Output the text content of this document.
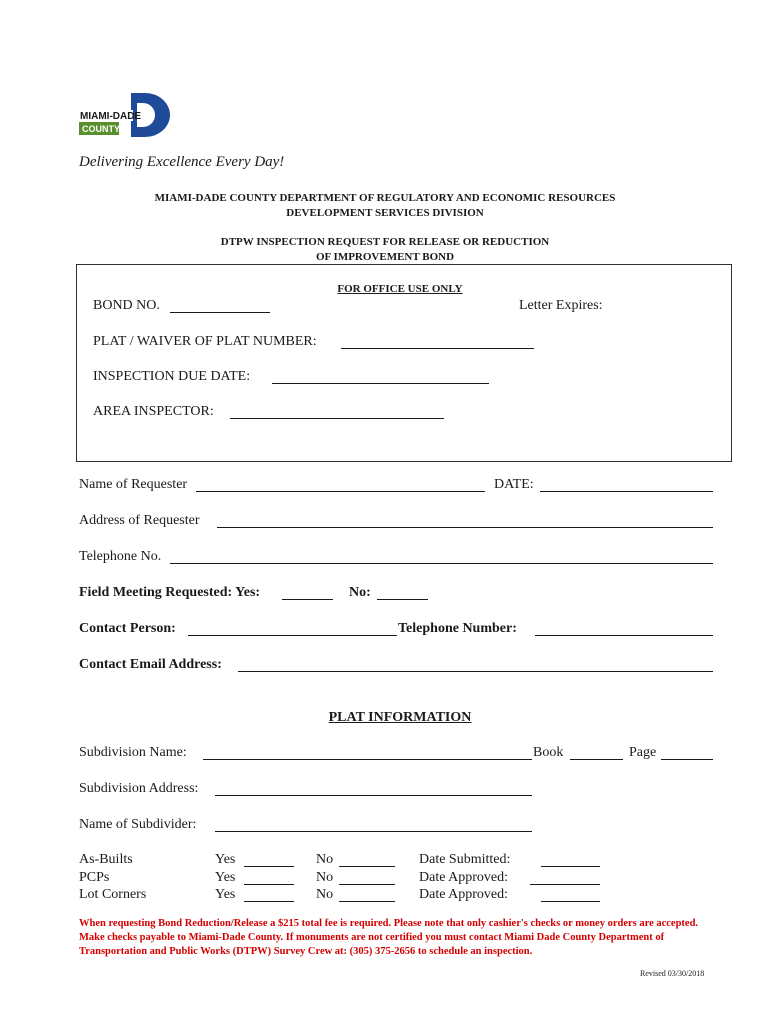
MIAMI-DADE
COUNTY
Delivering Excellence Every Day!
MIAMI-DADE COUNTY DEPARTMENT OF REGULATORY AND ECONOMIC RESOURCES
DEVELOPMENT SERVICES DIVISION
DTPW INSPECTION REQUEST FOR RELEASE OR REDUCTION
OF IMPROVEMENT BOND
FOR OFFICE USE ONLY
BOND NO.	Letter Expires:
PLAT / WAIVER OF PLAT NUMBER:
INSPECTION DUE DATE:
AREA INSPECTOR:
Name of Requester	DATE:
Address of Requester
Telephone No.
Field Meeting Requested: Yes:	No:
Contact Person:	Telephone Number:
Contact Email Address:
PLAT INFORMATION
Subdivision Name:	Book	Page
Subdivision Address:
Name of Subdivider:
As-Builts	Yes	No	Date Submitted:
PCPs	Yes	No	Date Approved:
Lot Corners	Yes	No	Date Approved:
When requesting Bond Reduction/Release a $215 total fee is required. Please note that only cashier's checks or money orders are accepted. Make checks payable to Miami-Dade County. If monuments are not certified you must contact Miami Dade County Department of Transportation and Public Works (DTPW) Survey Crew at: (305) 375-2656 to schedule an inspection.
Revised 03/30/2018
